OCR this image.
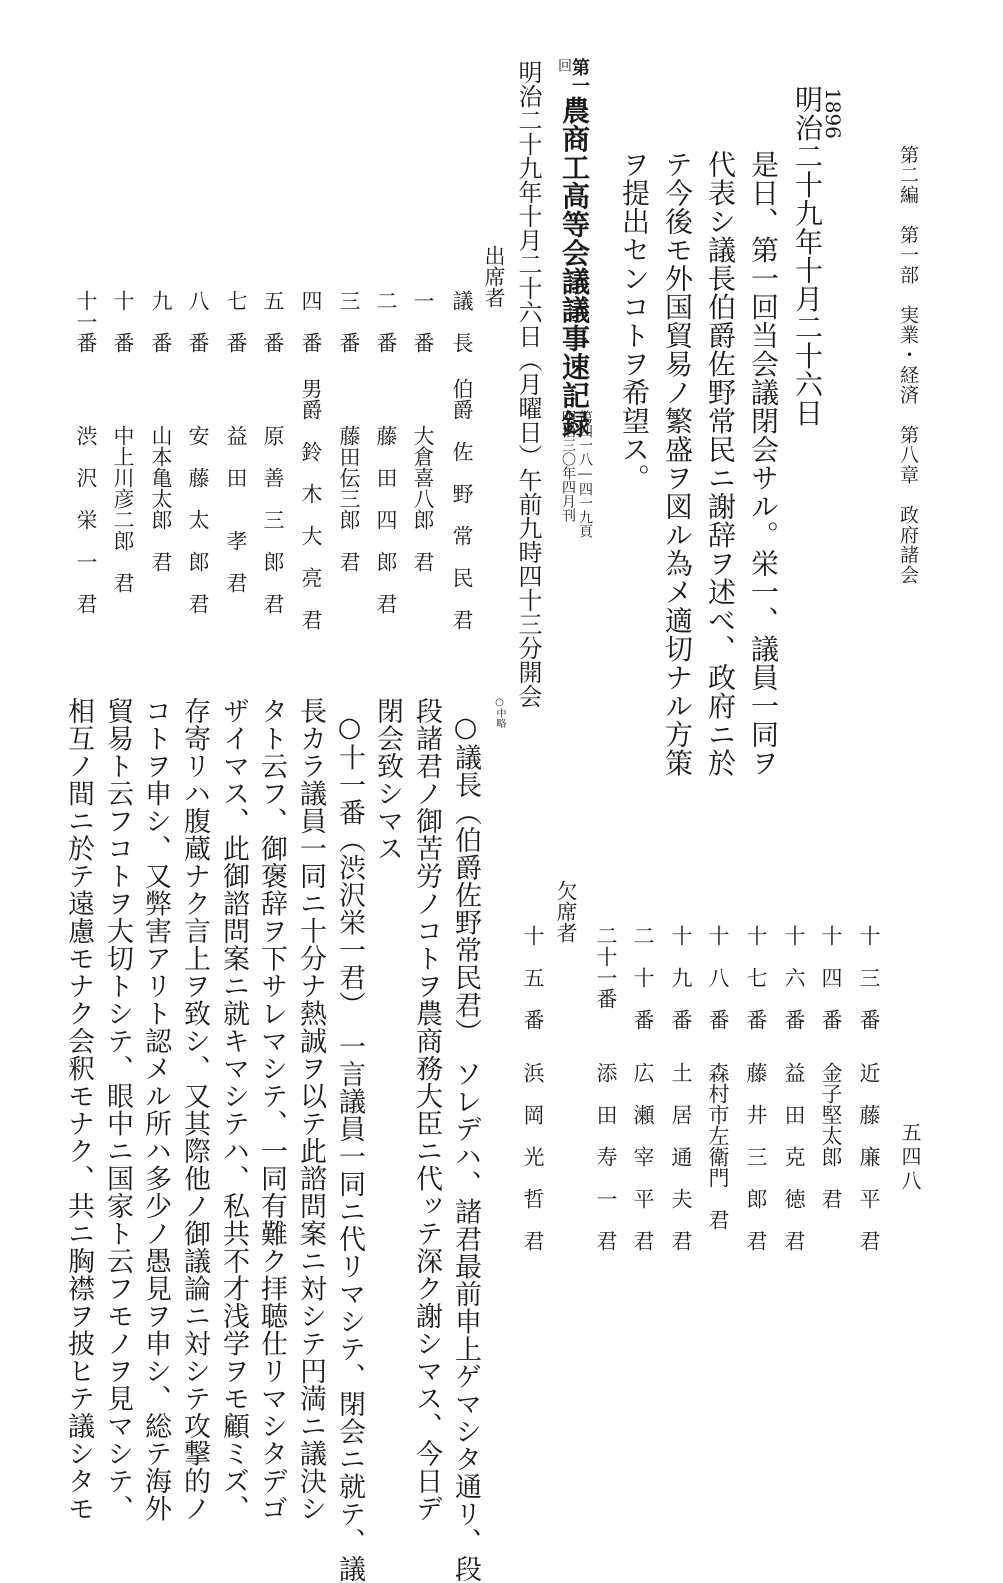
第二編　第一部　実業・経済　第八章　政府諸会
五四八
1896
明治二十九年十月二十六日
是日、第一回当会議閉会サル。栄一、議員一同ヲ
代表シ議長伯爵佐野常民ニ謝辞ヲ述べ、政府ニ於
テ今後モ外国貿易ノ繁盛ヲ図ル為メ適切ナル方策
ヲ提出センコトヲ希望ス。
第一
回
農商工高等会議議事速記録
第四一八―四一九頁
明治三〇年四月刊
明治二十九年十月二十六日（月曜日）午前九時四十三分開会
出席者
議　長
伯爵　佐　野　常　民　君
一　番
大倉喜八郎　君
二　番
藤　田　四　郎　君
三　番
藤田伝三郎　君
四　番
男爵　鈴　木　大　亮　君
五　番
原　善　三　郎　君
七　番
益　田　　孝　君
八　番
安　藤　太　郎　君
九　番
山本亀太郎　君
十　番
中上川彦二郎　君
十一番
渋　沢　栄　一　君
十　三　番
近　藤　廉　平　君
十　四　番
金子堅太郎　君
十　六　番
益　田　克　徳　君
十　七　番
藤　井　三　郎　君
十　八　番
森村市左衛門　君
十　九　番
土　居　通　夫　君
二　十　番
広　瀬　宰　平　君
二十一番
添　田　寿　一　君
欠席者
十　五　番
浜　岡　光　哲　君
○中略
○議長（伯爵佐野常民君）　ソレデハ、諸君最前申上ゲマシタ通リ、段
段諸君ノ御苦労ノコトヲ農商務大臣ニ代ッテ深ク謝シマス、今日デ
閉会致シマス
○十一番（渋沢栄一君）　一言議員一同ニ代リマシテ、閉会ニ就テ、議
長カラ議員一同ニ十分ナ熱誠ヲ以テ此諮問案ニ対シテ円満ニ議決シ
タト云フ、御褒辞ヲ下サレマシテ、一同有難ク拝聴仕リマシタデゴ
ザイマス、此御諮問案ニ就キマシテハ、私共不才浅学ヲモ顧ミズ、
存寄リハ腹蔵ナク言上ヲ致シ、又其際他ノ御議論ニ対シテ攻撃的ノ
コトヲ申シ、又弊害アリト認メル所ハ多少ノ愚見ヲ申シ、総テ海外
貿易ト云フコトヲ大切トシテ、眼中ニ国家ト云フモノヲ見マシテ、
相互ノ間ニ於テ遠慮モナク会釈モナク、共ニ胸襟ヲ披ヒテ議シタモ
